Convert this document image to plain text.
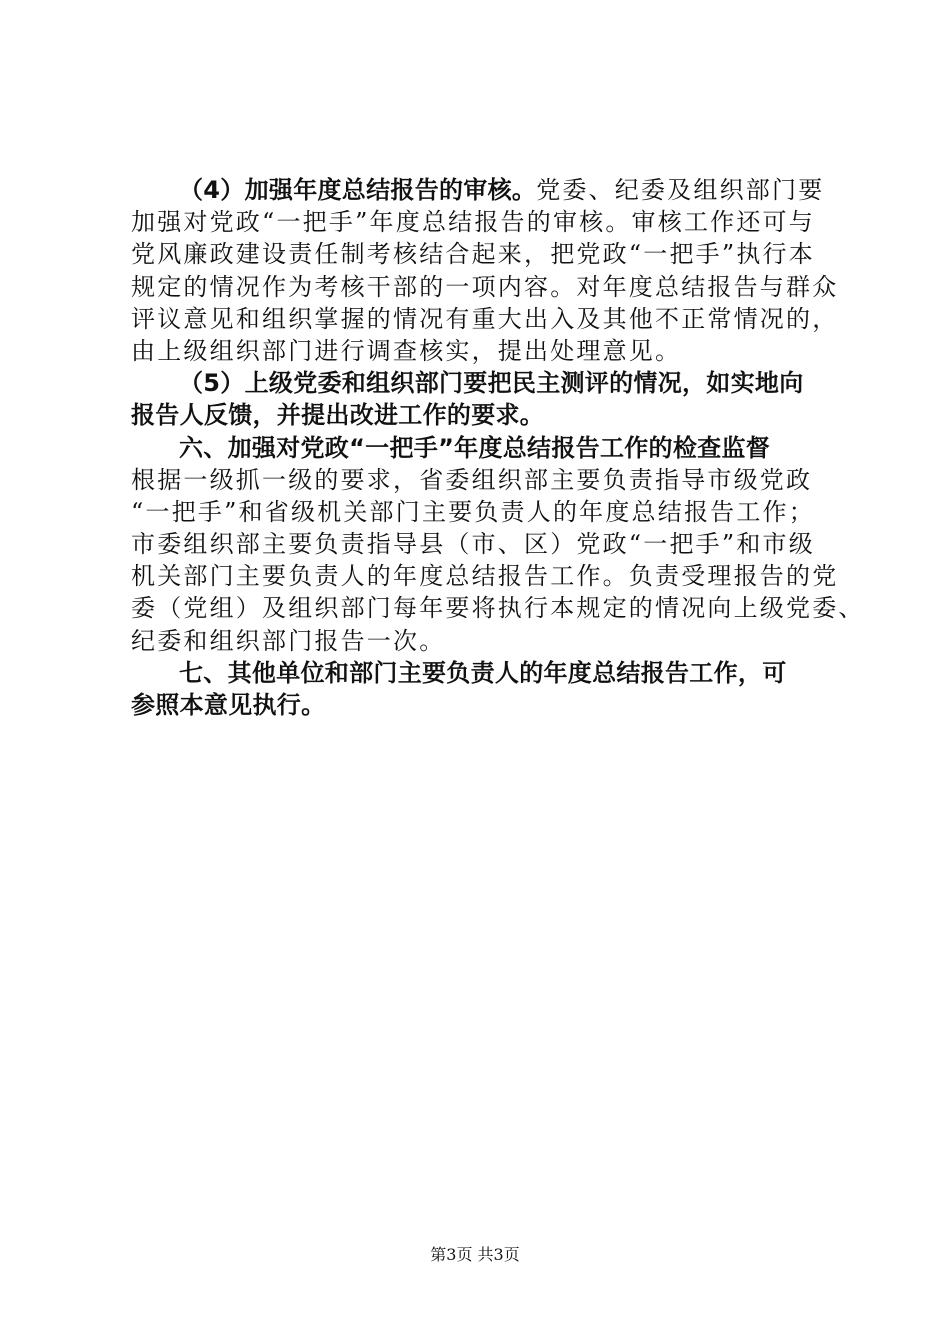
（4）加强年度总结报告的审核。党委、纪委及组织部门要
加强对党政“一把手”年度总结报告的审核。审核工作还可与
党风廉政建设责任制考核结合起来，把党政“一把手”执行本
规定的情况作为考核干部的一项内容。对年度总结报告与群众
评议意见和组织掌握的情况有重大出入及其他不正常情况的，
由上级组织部门进行调查核实，提出处理意见。
（5）上级党委和组织部门要把民主测评的情况，如实地向
报告人反馈，并提出改进工作的要求。
六、加强对党政“一把手”年度总结报告工作的检查监督
根据一级抓一级的要求，省委组织部主要负责指导市级党政
“一把手”和省级机关部门主要负责人的年度总结报告工作；
市委组织部主要负责指导县（市、区）党政“一把手”和市级
机关部门主要负责人的年度总结报告工作。负责受理报告的党
委（党组）及组织部门每年要将执行本规定的情况向上级党委、
纪委和组织部门报告一次。
七、其他单位和部门主要负责人的年度总结报告工作，可
参照本意见执行。
第3页 共3页
